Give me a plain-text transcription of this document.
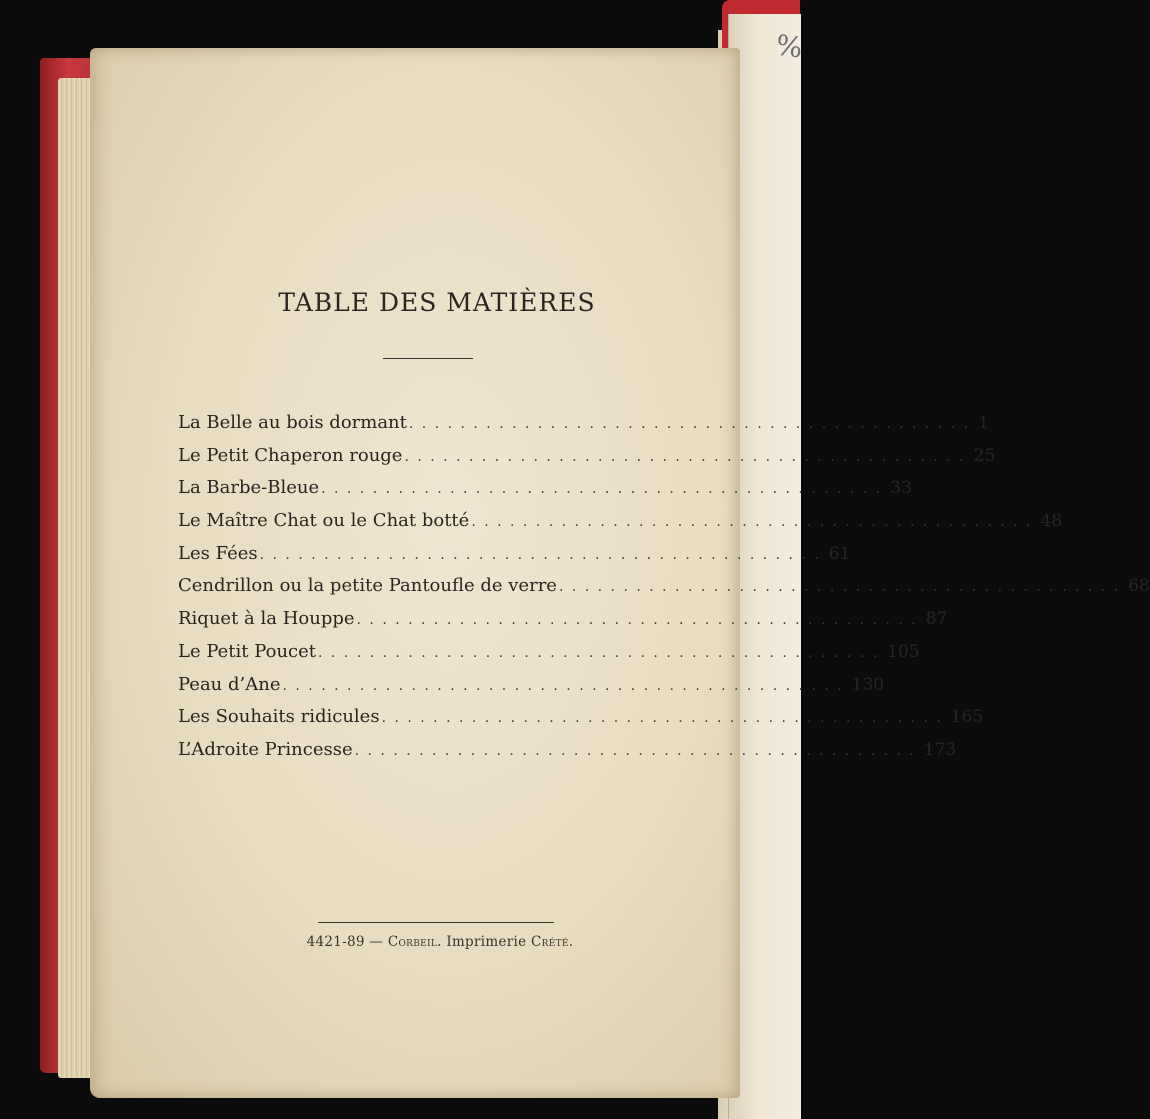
%
TABLE DES MATIÈRES
La Belle au bois dormant . . . . . . . . . . . . . . . . . . . . . . . . . . . . . . . . . . . . . . . . . . . . 1
Le Petit Chaperon rouge . . . . . . . . . . . . . . . . . . . . . . . . . . . . . . . . . . . . . . . . . . . . 25
La Barbe-Bleue . . . . . . . . . . . . . . . . . . . . . . . . . . . . . . . . . . . . . . . . . . . . 33
Le Maître Chat ou le Chat botté . . . . . . . . . . . . . . . . . . . . . . . . . . . . . . . . . . . . . . . . . . . . 48
Les Fées . . . . . . . . . . . . . . . . . . . . . . . . . . . . . . . . . . . . . . . . . . . . 61
Cendrillon ou la petite Pantoufle de verre . . . . . . . . . . . . . . . . . . . . . . . . . . . . . . . . . . . . . . . . . . . . 68
Riquet à la Houppe . . . . . . . . . . . . . . . . . . . . . . . . . . . . . . . . . . . . . . . . . . . . 87
Le Petit Poucet . . . . . . . . . . . . . . . . . . . . . . . . . . . . . . . . . . . . . . . . . . . . 105
Peau d’Ane . . . . . . . . . . . . . . . . . . . . . . . . . . . . . . . . . . . . . . . . . . . . 130
Les Souhaits ridicules . . . . . . . . . . . . . . . . . . . . . . . . . . . . . . . . . . . . . . . . . . . . 165
L’Adroite Princesse . . . . . . . . . . . . . . . . . . . . . . . . . . . . . . . . . . . . . . . . . . . . 173
4421-89 — Corbeil. Imprimerie Crété.
